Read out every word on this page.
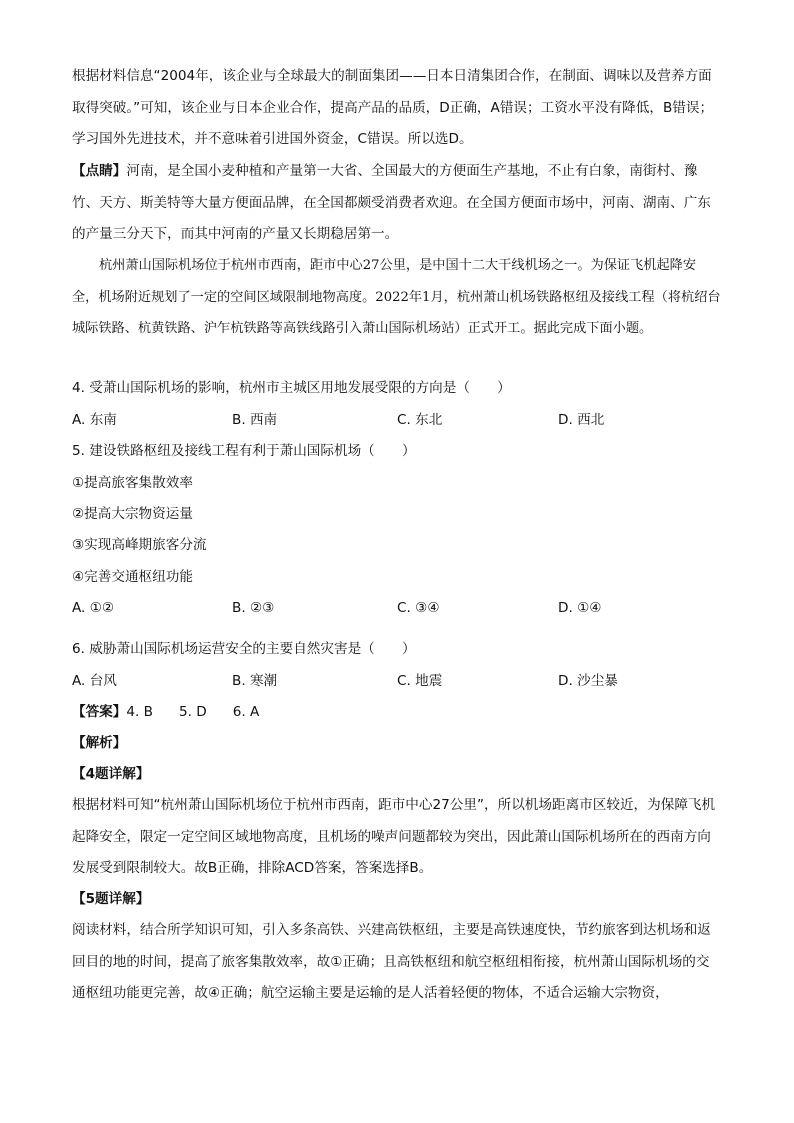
根据材料信息“2004年，该企业与全球最大的制面集团——日本日清集团合作，在制面、调味以及营养方面取得突破。”可知，该企业与日本企业合作，提高产品的品质，D正确，A错误；工资水平没有降低，B错误；学习国外先进技术，并不意味着引进国外资金，C错误。所以选D。

【点睛】河南，是全国小麦种植和产量第一大省、全国最大的方便面生产基地，不止有白象，南街村、豫竹、天方、斯美特等大量方便面品牌，在全国都颇受消费者欢迎。在全国方便面市场中，河南、湖南、广东的产量三分天下，而其中河南的产量又长期稳居第一。

杭州萧山国际机场位于杭州市西南，距市中心27公里，是中国十二大干线机场之一。为保证飞机起降安全，机场附近规划了一定的空间区域限制地物高度。2022年1月，杭州萧山机场铁路枢纽及接线工程（将杭绍台城际铁路、杭黄铁路、沪乍杭铁路等高铁线路引入萧山国际机场站）正式开工。据此完成下面小题。

4. 受萧山国际机场的影响，杭州市主城区用地发展受限的方向是（　　）
A. 东南	B. 西南	C. 东北	D. 西北
5. 建设铁路枢纽及接线工程有利于萧山国际机场（　　）
①提高旅客集散效率
②提高大宗物资运量
③实现高峰期旅客分流
④完善交通枢纽功能
A. ①②	B. ②③	C. ③④	D. ①④
6. 威胁萧山国际机场运营安全的主要自然灾害是（　　）
A. 台风	B. 寒潮	C. 地震	D. 沙尘暴
【答案】4. B 5. D 6. A
【解析】
【4题详解】

根据材料可知“杭州萧山国际机场位于杭州市西南，距市中心27公里”，所以机场距离市区较近，为保障飞机起降安全，限定一定空间区域地物高度，且机场的噪声问题都较为突出，因此萧山国际机场所在的西南方向发展受到限制较大。故B正确，排除ACD答案，答案选择B。

【5题详解】

阅读材料，结合所学知识可知，引入多条高铁、兴建高铁枢纽，主要是高铁速度快，节约旅客到达机场和返回目的地的时间，提高了旅客集散效率，故①正确；且高铁枢纽和航空枢纽相衔接，杭州萧山国际机场的交通枢纽功能更完善，故④正确；航空运输主要是运输的是人活着轻便的物体，不适合运输大宗物资，
